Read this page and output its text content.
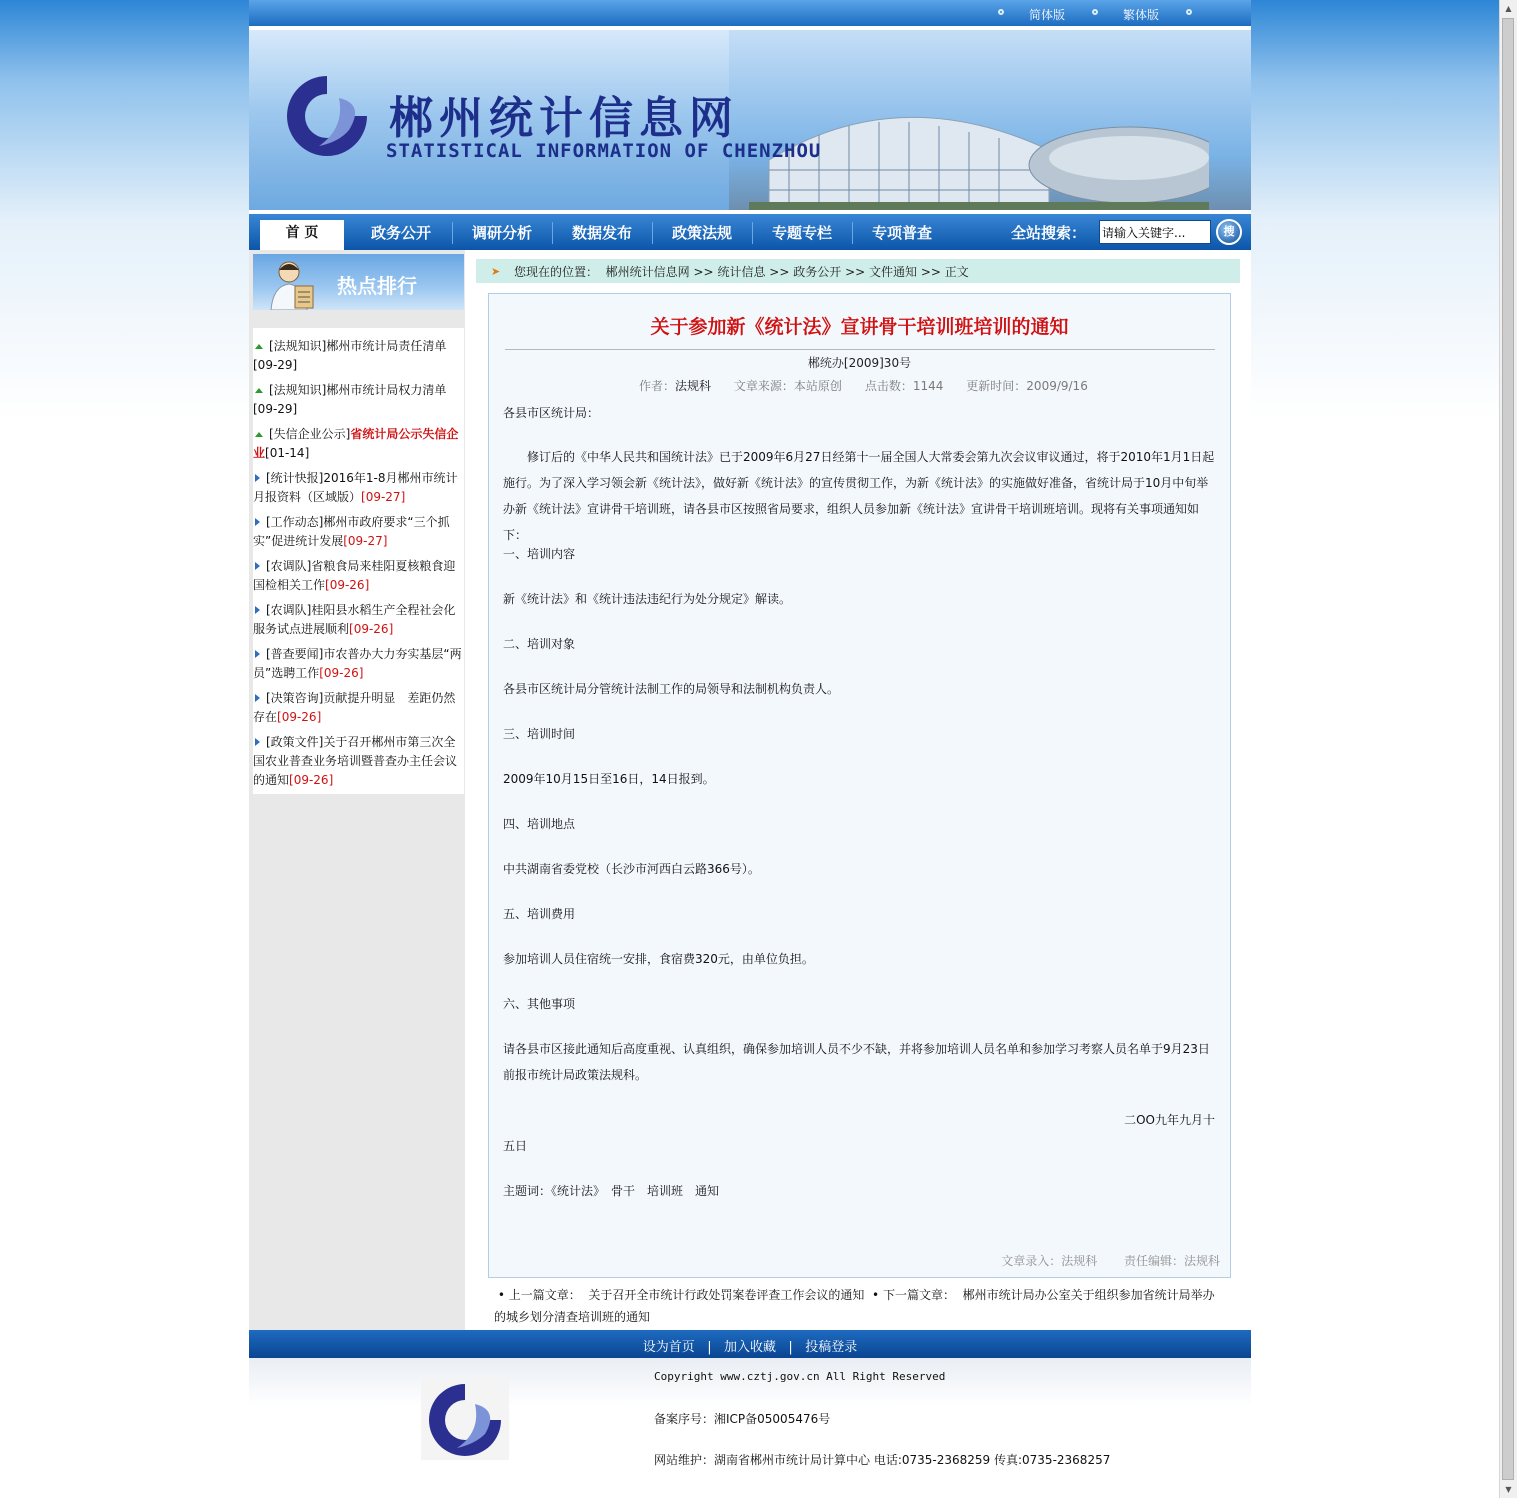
▲
▼
简体版	繁体版
郴州统计信息网
STATISTICAL INFORMATION OF CHENZHOU
首 页	政务公开	调研分析	数据发布	政策法规	专题专栏	专项普查	全站搜索：
请输入关键字...	搜
热点排行
[法规知识]郴州市统计局责任清单[09-29]
[法规知识]郴州市统计局权力清单[09-29]
[失信企业公示]省统计局公示失信企业[01-14]
[统计快报]2016年1-8月郴州市统计月报资料（区域版）[09-27]
[工作动态]郴州市政府要求“三个抓实”促进统计发展[09-27]
[农调队]省粮食局来桂阳夏核粮食迎国检相关工作[09-26]
[农调队]桂阳县水稻生产全程社会化服务试点进展顺利[09-26]
[普查要闻]市农普办大力夯实基层“两员”选聘工作[09-26]
[决策咨询]贡献提升明显　差距仍然存在[09-26]
[政策文件]关于召开郴州市第三次全国农业普查业务培训暨普查办主任会议的通知[09-26]
➤ 您现在的位置： 郴州统计信息网 >> 统计信息 >> 政务公开 >> 文件通知 >> 正文
关于参加新《统计法》宣讲骨干培训班培训的通知
郴统办[2009]30号
作者：法规科 文章来源：本站原创 点击数：1144 更新时间：2009/9/16

各县市区统计局：

修订后的《中华人民共和国统计法》已于2009年6月27日经第十一届全国人大常委会第九次会议审议通过，将于2010年1月1日起施行。为了深入学习领会新《统计法》，做好新《统计法》的宣传贯彻工作，为新《统计法》的实施做好准备，省统计局于10月中旬举办新《统计法》宣讲骨干培训班，请各县市区按照省局要求，组织人员参加新《统计法》宣讲骨干培训班培训。现将有关事项通知如下：

一、培训内容

新《统计法》和《统计违法违纪行为处分规定》解读。

二、培训对象

各县市区统计局分管统计法制工作的局领导和法制机构负责人。

三、培训时间

2009年10月15日至16日，14日报到。

四、培训地点

中共湖南省委党校（长沙市河西白云路366号）。

五、培训费用

参加培训人员住宿统一安排，食宿费320元，由单位负担。

六、其他事项

请各县市区接此通知后高度重视、认真组织，确保参加培训人员不少不缺，并将参加培训人员名单和参加学习考察人员名单于9月23日前报市统计局政策法规科。

二OO九年九月十

五日

主题词：《统计法》　骨干　培训班　通知

文章录入：法规科 责任编辑：法规科
• 上一篇文章： 关于召开全市统计行政处罚案卷评查工作会议的通知  • 下一篇文章： 郴州市统计局办公室关于组织参加省统计局举办的城乡划分清查培训班的通知
设为首页   |   加入收藏   |   投稿登录
Copyright www.cztj.gov.cn All Right Reserved
备案序号：湘ICP备05005476号
网站维护：湖南省郴州市统计局计算中心 电话:0735-2368259 传真:0735-2368257
